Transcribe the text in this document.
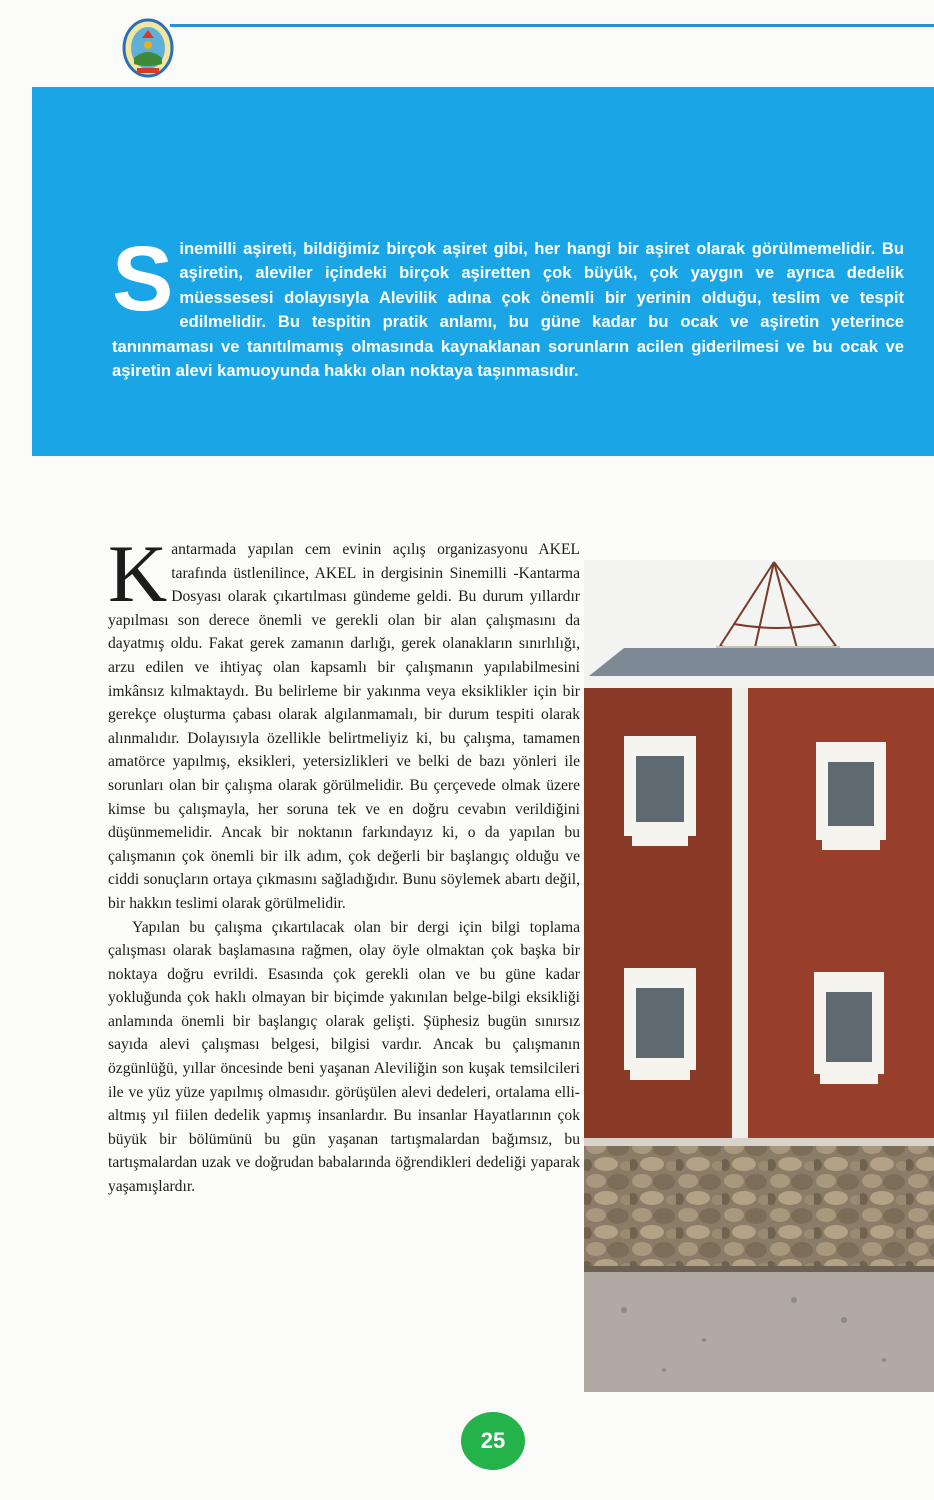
Sinemilli aşireti, bildiğimiz birçok aşiret gibi, her hangi bir aşiret olarak görülmemelidir. Bu aşiretin, aleviler içindeki birçok aşiretten çok büyük, çok yaygın ve ayrıca dedelik müessesesi dolayısıyla Alevilik adına çok önemli bir yerinin olduğu, teslim ve tespit edilmelidir. Bu tespitin pratik anlamı, bu güne kadar bu ocak ve aşiretin yeterince tanınmaması ve tanıtılmamış olmasında kaynaklanan sorunların acilen giderilmesi ve bu ocak ve aşiretin alevi kamuoyunda hakkı olan noktaya taşınmasıdır.

Kantarmada yapılan cem evinin açılış organizasyonu AKEL tarafında üstlenilince, AKEL in dergisinin Sinemilli -Kantarma Dosyası olarak çıkartılması gündeme geldi. Bu durum yıllardır yapılması son derece önemli ve gerekli olan bir alan çalışmasını da dayatmış oldu. Fakat gerek zamanın darlığı, gerek olanakların sınırlılığı, arzu edilen ve ihtiyaç olan kapsamlı bir çalışmanın yapılabilmesini imkânsız kılmaktaydı. Bu belirleme bir yakınma veya eksiklikler için bir gerekçe oluşturma çabası olarak algılanmamalı, bir durum tespiti olarak alınmalıdır. Dolayısıyla özellikle belirtmeliyiz ki, bu çalışma, tamamen amatörce yapılmış, eksikleri, yetersizlikleri ve belki de bazı yönleri ile sorunları olan bir çalışma olarak görülmelidir. Bu çerçevede olmak üzere kimse bu çalışmayla, her soruna tek ve en doğru cevabın verildiğini düşünmemelidir. Ancak bir noktanın farkındayız ki, o da yapılan bu çalışmanın çok önemli bir ilk adım, çok değerli bir başlangıç olduğu ve ciddi sonuçların ortaya çıkmasını sağladığıdır. Bunu söylemek abartı değil, bir hakkın teslimi olarak görülmelidir.

Yapılan bu çalışma çıkartılacak olan bir dergi için bilgi toplama çalışması olarak başlamasına rağmen, olay öyle olmaktan çok başka bir noktaya doğru evrildi. Esasında çok gerekli olan ve bu güne kadar yokluğunda çok haklı olmayan bir biçimde yakınılan belge-bilgi eksikliği anlamında önemli bir başlangıç olarak gelişti. Şüphesiz bugün sınırsız sayıda alevi çalışması belgesi, bilgisi vardır. Ancak bu çalışmanın özgünlüğü, yıllar öncesinde beni yaşanan Aleviliğin son kuşak temsilcileri ile ve yüz yüze yapılmış olmasıdır. görüşülen alevi dedeleri, ortalama elli- altmış yıl fiilen dedelik yapmış insanlardır. Bu insanlar Hayatlarının çok büyük bir bölümünü bu gün yaşanan tartışmalardan bağımsız, bu tartışmalardan uzak ve doğrudan babalarında öğrendikleri dedeliği yaparak yaşamışlardır.

25
